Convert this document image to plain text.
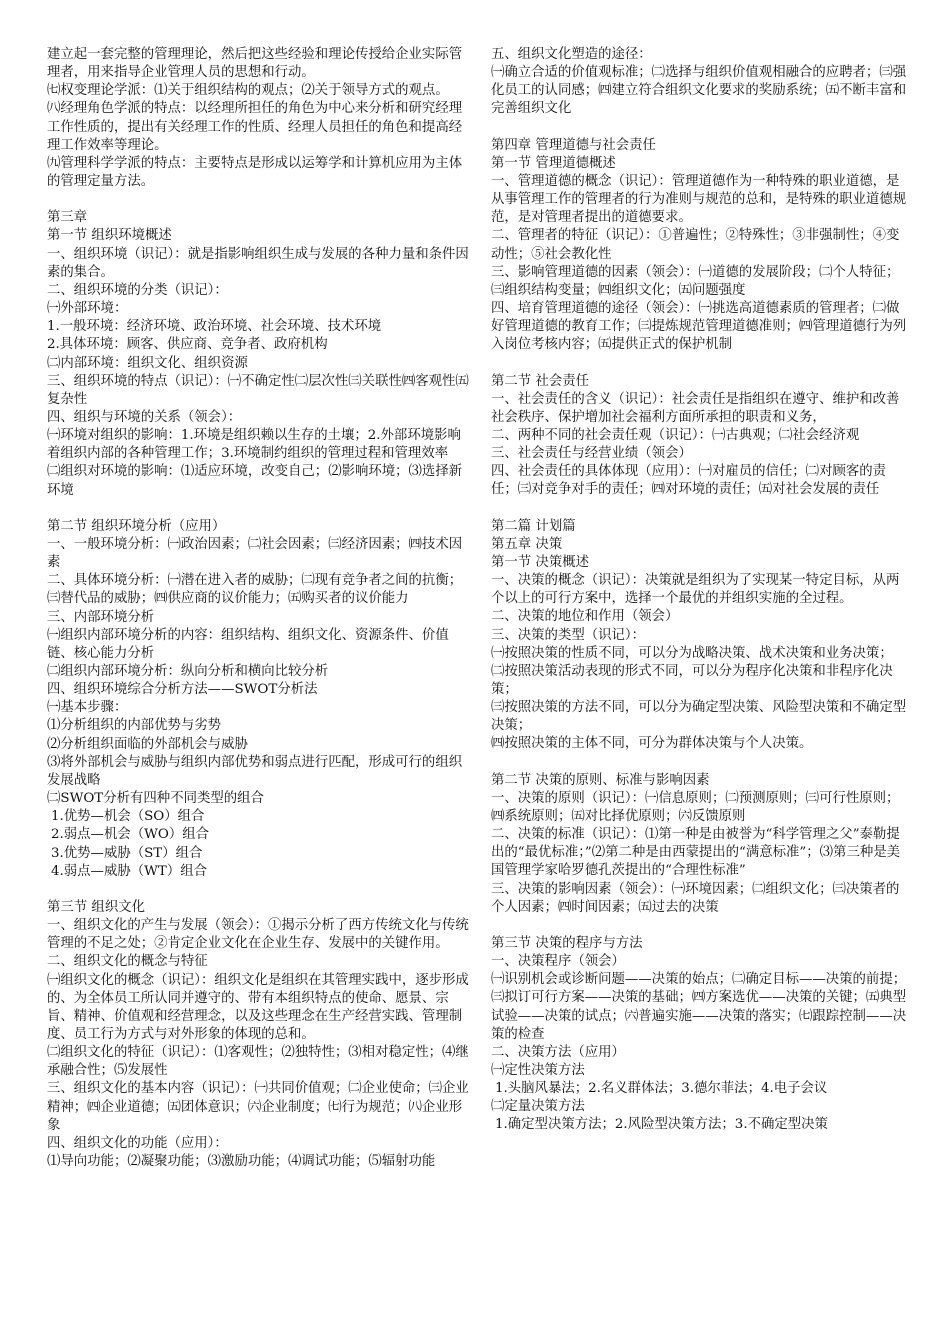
建立起一套完整的管理理论，然后把这些经验和理论传授给企业实际管理者，用来指导企业管理人员的思想和行动。
㈦权变理论学派：⑴关于组织结构的观点；⑵关于领导方式的观点。
㈧经理角色学派的特点：以经理所担任的角色为中心来分析和研究经理工作性质的，提出有关经理工作的性质、经理人员担任的角色和提高经理工作效率等理论。
㈨管理科学学派的特点：主要特点是形成以运筹学和计算机应用为主体的管理定量方法。
第三章
第一节 组织环境概述
一、组织环境（识记）：就是指影响组织生成与发展的各种力量和条件因素的集合。
二、组织环境的分类（识记）：
㈠外部环境：
1.一般环境：经济环境、政治环境、社会环境、技术环境
2.具体环境：顾客、供应商、竞争者、政府机构
㈡内部环境：组织文化、组织资源
三、组织环境的特点（识记）：㈠不确定性㈡层次性㈢关联性㈣客观性㈤复杂性
四、组织与环境的关系（领会）：
㈠环境对组织的影响：1.环境是组织赖以生存的土壤；2.外部环境影响着组织内部的各种管理工作；3.环境制约组织的管理过程和管理效率
㈡组织对环境的影响：⑴适应环境，改变自己；⑵影响环境；⑶选择新环境
第二节 组织环境分析（应用）
一、一般环境分析：㈠政治因素；㈡社会因素；㈢经济因素；㈣技术因素
二、具体环境分析：㈠潜在进入者的威胁；㈡现有竞争者之间的抗衡；㈢替代品的威胁；㈣供应商的议价能力；㈤购买者的议价能力
三、内部环境分析
㈠组织内部环境分析的内容：组织结构、组织文化、资源条件、价值链、核心能力分析
㈡组织内部环境分析：纵向分析和横向比较分析
四、组织环境综合分析方法——SWOT分析法
㈠基本步骤：
⑴分析组织的内部优势与劣势
⑵分析组织面临的外部机会与威胁
⑶将外部机会与威胁与组织内部优势和弱点进行匹配，形成可行的组织发展战略
㈡SWOT分析有四种不同类型的组合
1.优势—机会（SO）组合
2.弱点—机会（WO）组合
3.优势—威胁（ST）组合
4.弱点—威胁（WT）组合
第三节 组织文化
一、组织文化的产生与发展（领会）：①揭示分析了西方传统文化与传统管理的不足之处；②肯定企业文化在企业生存、发展中的关键作用。
二、组织文化的概念与特征
㈠组织文化的概念（识记）：组织文化是组织在其管理实践中，逐步形成的、为全体员工所认同并遵守的、带有本组织特点的使命、愿景、宗旨、精神、价值观和经营理念，以及这些理念在生产经营实践、管理制度、员工行为方式与对外形象的体现的总和。
㈡组织文化的特征（识记）：⑴客观性；⑵独特性；⑶相对稳定性；⑷继承融合性；⑸发展性
三、组织文化的基本内容（识记）：㈠共同价值观；㈡企业使命；㈢企业精神；㈣企业道德；㈤团体意识；㈥企业制度；㈦行为规范；㈧企业形象
四、组织文化的功能（应用）：
⑴导向功能；⑵凝聚功能；⑶激励功能；⑷调试功能；⑸辐射功能
五、组织文化塑造的途径：
㈠确立合适的价值观标准；㈡选择与组织价值观相融合的应聘者；㈢强化员工的认同感；㈣建立符合组织文化要求的奖励系统；㈤不断丰富和完善组织文化
第四章 管理道德与社会责任
第一节 管理道德概述
一、管理道德的概念（识记）：管理道德作为一种特殊的职业道德，是从事管理工作的管理者的行为准则与规范的总和，是特殊的职业道德规范，是对管理者提出的道德要求。
二、管理者的特征（识记）：①普遍性；②特殊性；③非强制性；④变动性；⑤社会教化性
三、影响管理道德的因素（领会）：㈠道德的发展阶段；㈡个人特征；㈢组织结构变量；㈣组织文化；㈤问题强度
四、培育管理道德的途径（领会）：㈠挑选高道德素质的管理者；㈡做好管理道德的教育工作；㈢提炼规范管理道德准则；㈣管理道德行为列入岗位考核内容；㈤提供正式的保护机制
第二节 社会责任
一、社会责任的含义（识记）：社会责任是指组织在遵守、维护和改善社会秩序、保护增加社会福利方面所承担的职责和义务，
二、两种不同的社会责任观（识记）：㈠古典观；㈡社会经济观
三、社会责任与经营业绩（领会）
四、社会责任的具体体现（应用）：㈠对雇员的信任；㈡对顾客的责任；㈢对竞争对手的责任；㈣对环境的责任；㈤对社会发展的责任
第二篇 计划篇
第五章 决策
第一节 决策概述
一、决策的概念（识记）：决策就是组织为了实现某一特定目标，从两个以上的可行方案中，选择一个最优的并组织实施的全过程。
二、决策的地位和作用（领会）
三、决策的类型（识记）：
㈠按照决策的性质不同，可以分为战略决策、战术决策和业务决策；
㈡按照决策活动表现的形式不同，可以分为程序化决策和非程序化决策；
㈢按照决策的方法不同，可以分为确定型决策、风险型决策和不确定型决策；
㈣按照决策的主体不同，可分为群体决策与个人决策。
第二节 决策的原则、标准与影响因素
一、决策的原则（识记）：㈠信息原则；㈡预测原则；㈢可行性原则；㈣系统原则；㈤对比择优原则；㈥反馈原则
二、决策的标准（识记）：⑴第一种是由被誉为“科学管理之父”泰勒提出的“最优标准；”⑵第二种是由西蒙提出的“满意标准”；⑶第三种是美国管理学家哈罗德孔茨提出的“合理性标准”
三、决策的影响因素（领会）：㈠环境因素；㈡组织文化；㈢决策者的个人因素；㈣时间因素；㈤过去的决策
第三节 决策的程序与方法
一、决策程序（领会）
㈠识别机会或诊断问题——决策的始点；㈡确定目标——决策的前提；㈢拟订可行方案——决策的基础；㈣方案选优——决策的关键；㈤典型试验——决策的试点；㈥普遍实施——决策的落实；㈦跟踪控制——决策的检查
二、决策方法（应用）
㈠定性决策方法
1.头脑风暴法；2.名义群体法；3.德尔菲法；4.电子会议
㈡定量决策方法
1.确定型决策方法；2.风险型决策方法；3.不确定型决策
